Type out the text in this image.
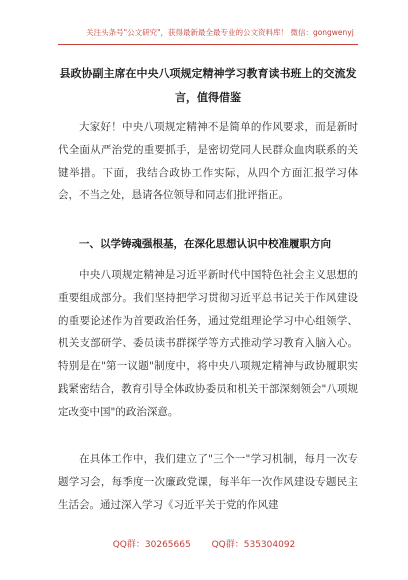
关注头条号"公文研究"，获得最新最全最专业的公文资料库！ 微信：gongwenyj
县政协副主席在中央八项规定精神学习教育读书班上的交流发言，值得借鉴

大家好！中央八项规定精神不是简单的作风要求，而是新时代全面从严治党的重要抓手，是密切党同人民群众血肉联系的关键举措。下面，我结合政协工作实际，从四个方面汇报学习体会，不当之处，恳请各位领导和同志们批评指正。

一、以学铸魂强根基，在深化思想认识中校准履职方向

中央八项规定精神是习近平新时代中国特色社会主义思想的重要组成部分。我们坚持把学习贯彻习近平总书记关于作风建设的重要论述作为首要政治任务，通过党组理论学习中心组领学、机关支部研学、委员读书群探学等方式推动学习教育入脑入心。特别是在"第一议题"制度中，将中央八项规定精神与政协履职实践紧密结合，教育引导全体政协委员和机关干部深刻领会"八项规定改变中国"的政治深意。

在具体工作中，我们建立了"三个一"学习机制，每月一次专题学习会，每季度一次廉政党课，每半年一次作风建设专题民主生活会。通过深入学习《习近平关于党的作风建

QQ群：30265665 QQ群：535304092
